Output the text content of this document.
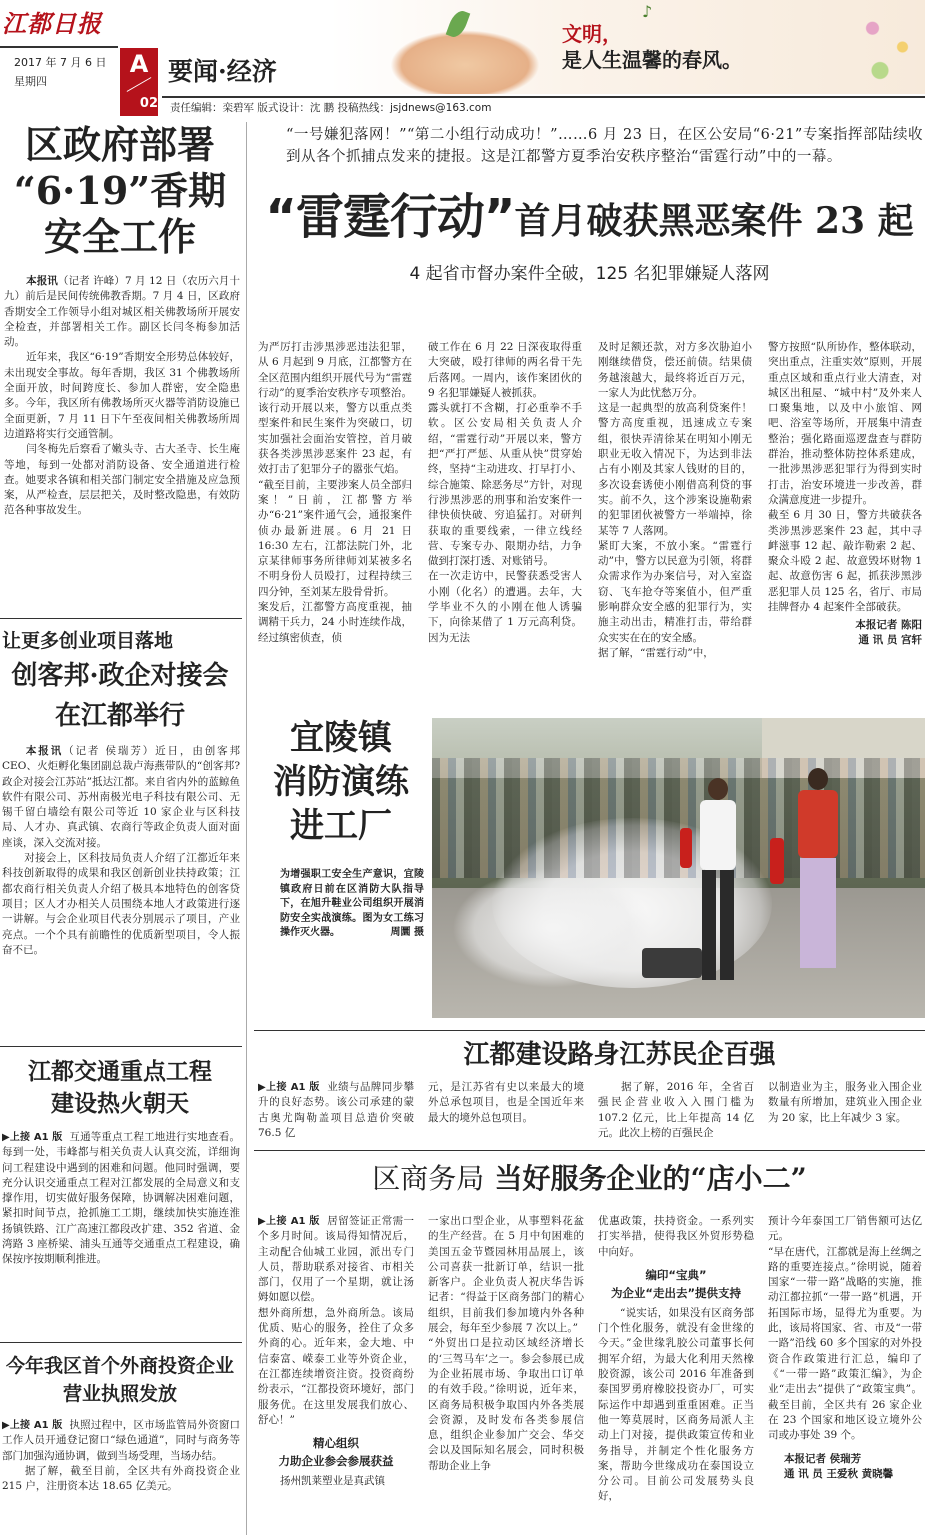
江都日报
2017 年 7 月 6 日
星期四
A
02
要闻·经济
责任编辑：栾碧军 版式设计：沈 鹏 投稿热线：jsjdnews@163.com
♪
文明，
是人生温馨的春风。
区政府部署
“6·19”香期
安全工作

本报讯（记者 许峰）7 月 12 日（农历六月十九）前后是民间传统佛教香期。7 月 4 日，区政府香期安全工作领导小组对城区相关佛教场所开展安全检查，并部署相关工作。副区长闫冬梅参加活动。

近年来，我区“6·19”香期安全形势总体较好，未出现安全事故。每年香期，我区 31 个佛教场所全面开放，时间跨度长、参加人群密，安全隐患多。今年，我区所有佛教场所灭火器等消防设施已全面更新，7 月 11 日下午至夜间相关佛教场所周边道路将实行交通管制。

闫冬梅先后察看了嫩头寺、古大圣寺、长生庵等地，每到一处都对消防设备、安全通道进行检查。她要求各镇和相关部门制定安全措施及应急预案，从严检查，层层把关，及时整改隐患，有效防范各种事故发生。

让更多创业项目落地
创客邦·政企对接会
在江都举行

本报讯（记者 侯瑞芳）近日，由创客邦 CEO、火炬孵化集团副总裁卢海燕带队的“创客邦?政企对接会江苏站”抵达江都。来自省内外的蓝鲸鱼软件有限公司、苏州南极光电子科技有限公司、无锡千留白墙绘有限公司等近 10 家企业与区科技局、人才办、真武镇、农商行等政企负责人面对面座谈，深入交流对接。

对接会上，区科技局负责人介绍了江都近年来科技创新取得的成果和我区创新创业扶持政策；江都农商行相关负责人介绍了极具本地特色的创客贷项目；区人才办相关人员围绕本地人才政策进行逐一讲解。与会企业项目代表分别展示了项目，产业亮点。一个个具有前瞻性的优质新型项目，令人振奋不已。

江都交通重点工程
建设热火朝天

▶上接 A1 版 互通等重点工程工地进行实地查看。每到一处，韦峰都与相关负责人认真交流，详细询问工程建设中遇到的困难和问题。他同时强调，要充分认识交通重点工程对江都发展的全局意义和支撑作用，切实做好服务保障，协调解决困难问题，紧扣时间节点，抢抓施工工期，继续加快实施连淮扬镇铁路、江广高速江都段改扩建、352 省道、金湾路 3 座桥梁、浦头互通等交通重点工程建设，确保按序按期顺利推进。

今年我区首个外商投资企业
营业执照发放

▶上接 A1 版 执照过程中，区市场监管局外资窗口工作人员开通登记窗口“绿色通道”，同时与商务等部门加强沟通协调，做到当场受理，当场办结。

据了解，截至目前，全区共有外商投资企业 215 户，注册资本达 18.65 亿美元。

“一号嫌犯落网！”“第二小组行动成功！”……6 月 23 日，在区公安局“6·21”专案指挥部陆续收到从各个抓捕点发来的捷报。这是江都警方夏季治安秩序整治“雷霆行动”中的一幕。

“雷霆行动”首月破获黑恶案件 23 起
4 起省市督办案件全破，125 名犯罪嫌疑人落网

为严厉打击涉黑涉恶违法犯罪，从 6 月起到 9 月底，江都警方在全区范围内组织开展代号为“雷霆行动”的夏季治安秩序专项整治。该行动开展以来，警方以重点类型案件和民生案件为突破口，切实加强社会面治安管控，首月破获各类涉黑涉恶案件 23 起，有效打击了犯罪分子的嚣张气焰。
“截至目前，主要涉案人员全部归案！”日前，江都警方举办“6·21”案件通气会，通报案件侦办最新进展。6 月 21 日 16:30 左右，江都法院门外，北京某律师事务所律师刘某被多名不明身份人员殴打，过程持续三四分钟，至刘某左股骨骨折。
案发后，江都警方高度重视，抽调精干兵力，24 小时连续作战，经过缜密侦查，侦

破工作在 6 月 22 日深夜取得重大突破，殴打律师的两名骨干先后落网。一周内，该作案团伙的 9 名犯罪嫌疑人被抓获。
露头就打不含糊，打必重拳不手软。区公安局相关负责人介绍，“雷霆行动”开展以来，警方把“严打严惩、从重从快”贯穿始终，坚持“主动进攻、打早打小、综合施策、除恶务尽”方针，对现行涉黑涉恶的刑事和治安案件一律快侦快破、穷追猛打。对研判获取的重要线索，一律立线经营、专案专办、限期办结，力争做到打深打透、对账销号。
在一次走访中，民警获悉受害人小刚（化名）的遭遇。去年，大学毕业不久的小刚在他人诱骗下，向徐某借了 1 万元高利贷。因为无法

及时足额还款，对方多次胁迫小刚继续借贷，偿还前债。结果债务越滚越大，最终将近百万元，一家人为此忧愁万分。
这是一起典型的放高利贷案件！警方高度重视，迅速成立专案组，很快弄清徐某在明知小刚无职业无收入情况下，为达到非法占有小刚及其家人钱财的目的，多次设套诱使小刚借高利贷的事实。前不久，这个涉案设施勒索的犯罪团伙被警方一举端掉，徐某等 7 人落网。
紧盯大案，不放小案。“雷霆行动”中，警方以民意为引领，将群众需求作为办案信号，对入室盗窃、飞车抢夺等案值小，但严重影响群众安全感的犯罪行为，实施主动出击，精准打击，带给群众实实在在的安全感。
据了解，“雷霆行动”中，

警方按照“队所协作，整体联动，突出重点，注重实效”原则，开展重点区域和重点行业大清查，对城区出租屋、“城中村”及外来人口聚集地，以及中小旅馆、网吧、浴室等场所，开展集中清查整治；强化路面巡逻盘查与群防群治，推动整体防控体系建成，一批涉黑涉恶犯罪行为得到实时打击，治安环境进一步改善，群众满意度进一步提升。
截至 6 月 30 日，警方共破获各类涉黑涉恶案件 23 起，其中寻衅滋事 12 起、敲诈勒索 2 起、聚众斗殴 2 起、故意毁坏财物 1 起、故意伤害 6 起，抓获涉黑涉恶犯罪人员 125 名，省厅、市局挂牌督办 4 起案件全部破获。

本报记者 陈阳
通 讯 员 宫轩
宜陵镇
消防演练
进工厂

为增强职工安全生产意识，宜陵镇政府日前在区消防大队指导下，在旭升鞋业公司组织开展消防安全实战演练。图为女工练习操作灭火器。	周圜 摄

江都建设路身江苏民企百强

▶上接 A1 版 业绩与品牌同步攀升的良好态势。该公司承建的蒙古奥尤陶勒盖项目总造价突破 76.5 亿

元，是江苏省有史以来最大的境外总承包项目，也是全国近年来最大的境外总包项目。

据了解，2016 年，全省百强民企营业收入入围门槛为 107.2 亿元，比上年提高 14 亿元。此次上榜的百强民企

以制造业为主，服务业入围企业数量有所增加，建筑业入围企业为 20 家，比上年减少 3 家。

区商务局 当好服务企业的“店小二”

▶上接 A1 版 居留签证正常需一个多月时间。该局得知情况后，主动配合仙城工业园，派出专门人员，帮助联系对接省、市相关部门，仅用了一个星期，就让汤姆如愿以偿。
想外商所想，急外商所急。该局优质、贴心的服务，拴住了众多外商的心。近年来，金大地、中信泰富、嵘泰工业等外资企业，在江都连续增资注资。投资商纷纷表示，“江都投资环境好，部门服务优。在这里发展我们放心、舒心！”

精心组织
力助企业参会参展获益

扬州凯莱塑业是真武镇

一家出口型企业，从事塑料花盆的生产经营。在 5 月中旬困难的美国五金节暨园林用品展上，该公司喜获一批新订单，结识一批新客户。企业负责人祝庆华告诉记者：“得益于区商务部门的精心组织，目前我们参加境内外各种展会，每年至少参展 7 次以上。”
“外贸出口是拉动区域经济增长的‘三驾马车’之一。参会参展已成为企业拓展市场、争取出口订单的有效手段。”徐明说，近年来，区商务局积极争取国内外各类展会资源，及时发布各类参展信息，组织企业参加广交会、华交会以及国际知名展会，同时积极帮助企业上争

优惠政策，扶持资金。一系列实打实举措，使得我区外贸形势稳中向好。

编印“宝典”
为企业“走出去”提供支持

“说实话，如果没有区商务部门个性化服务，就没有金世缘的今天。”金世缘乳胶公司董事长何拥军介绍，为最大化利用天然橡胶资源，该公司 2016 年准备到泰国罗勇府橡胶投资办厂，可实际运作中却遇到重重困难。正当他一筹莫展时，区商务局派人主动上门对接，提供政策宣传和业务指导，并制定个性化服务方案，帮助今世缘成功在泰国设立分公司。目前公司发展势头良好，

预计今年泰国工厂销售额可达亿元。
“早在唐代，江都就是海上丝绸之路的重要连接点。”徐明说，随着国家“一带一路”战略的实施，推动江都拉抓“一带一路”机遇，开拓国际市场，显得尤为重要。为此，该局将国家、省、市及“一带一路”沿线 60 多个国家的对外投资合作政策进行汇总，编印了《“一带一路”政策汇编》，为企业“走出去”提供了“政策宝典”。截至目前，全区共有 26 家企业在 23 个国家和地区设立境外公司或办事处 39 个。

本报记者 侯瑞芳
通 讯 员 王爱秋 黄晓馨
